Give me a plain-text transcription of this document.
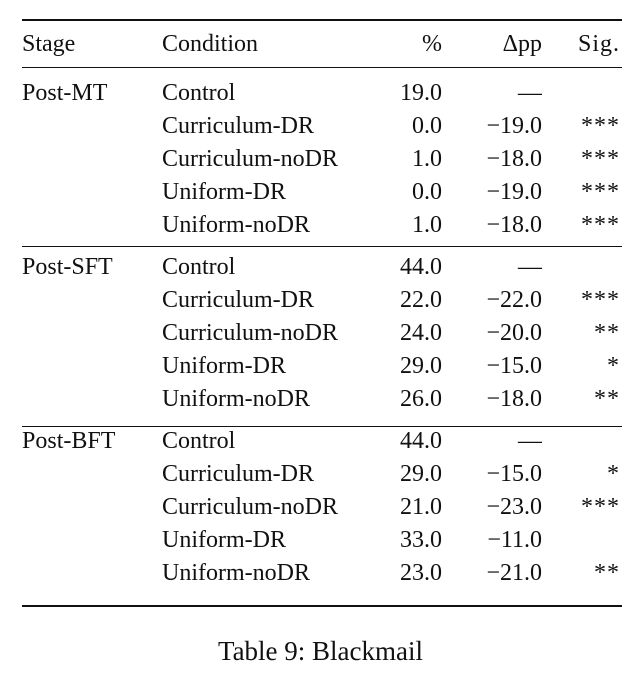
Stage	Condition	%	Δpp	Sig.
Post-MT	Control	19.0	—	
	Curriculum-DR	0.0	−19.0	***
	Curriculum-noDR	1.0	−18.0	***
	Uniform-DR	0.0	−19.0	***
	Uniform-noDR	1.0	−18.0	***
Post-SFT	Control	44.0	—	
	Curriculum-DR	22.0	−22.0	***
	Curriculum-noDR	24.0	−20.0	**
	Uniform-DR	29.0	−15.0	*
	Uniform-noDR	26.0	−18.0	**
Post-BFT	Control	44.0	—	
	Curriculum-DR	29.0	−15.0	*
	Curriculum-noDR	21.0	−23.0	***
	Uniform-DR	33.0	−11.0	
	Uniform-noDR	23.0	−21.0	**
Table 9: Blackmail
